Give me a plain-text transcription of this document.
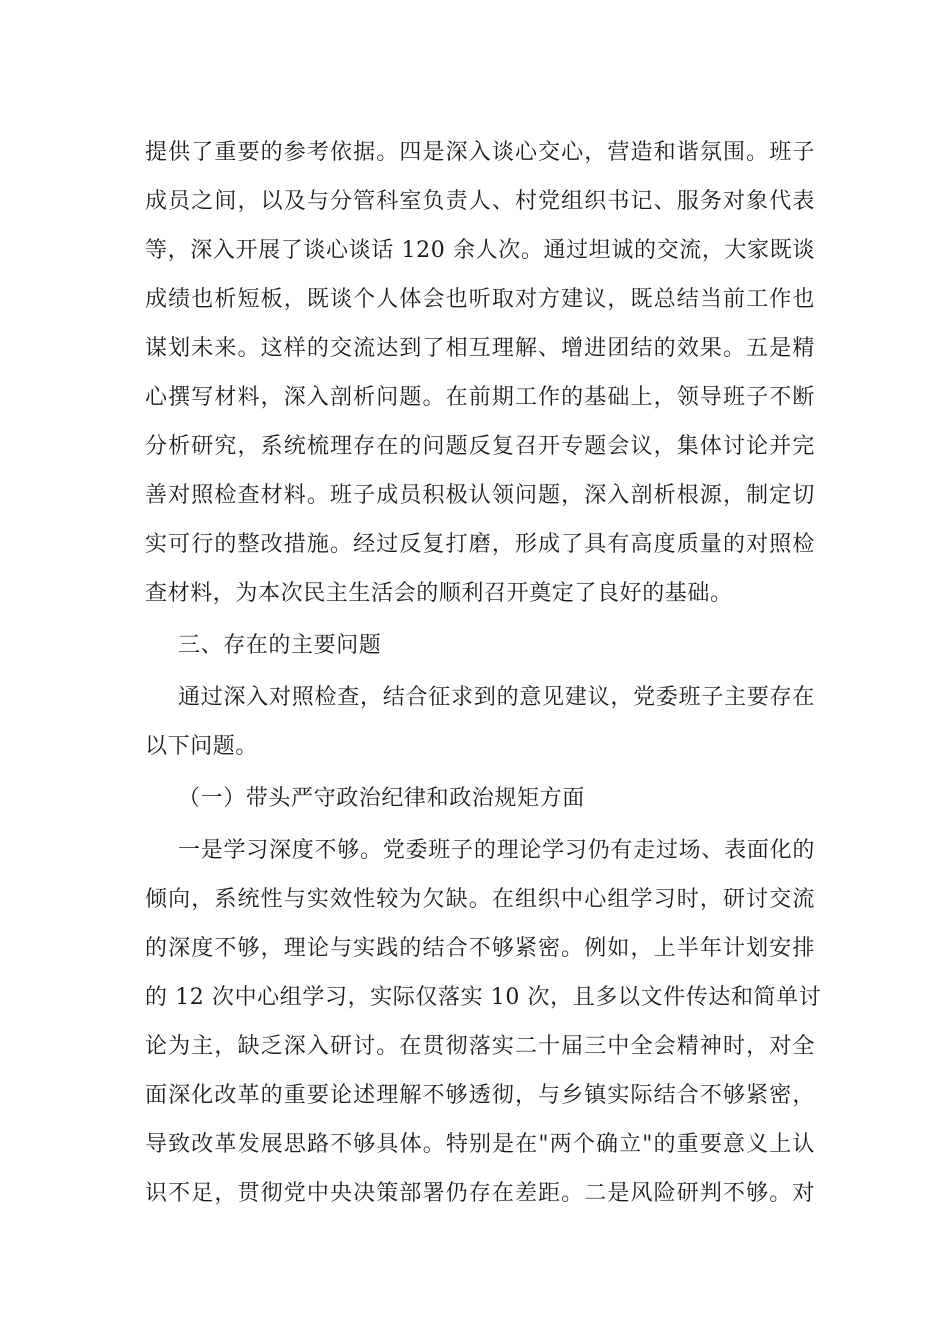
提供了重要的参考依据。四是深入谈心交心，营造和谐氛围。班子
成员之间，以及与分管科室负责人、村党组织书记、服务对象代表
等，深入开展了谈心谈话 120 余人次。通过坦诚的交流，大家既谈
成绩也析短板，既谈个人体会也听取对方建议，既总结当前工作也
谋划未来。这样的交流达到了相互理解、增进团结的效果。五是精
心撰写材料，深入剖析问题。在前期工作的基础上，领导班子不断
分析研究，系统梳理存在的问题反复召开专题会议，集体讨论并完
善对照检查材料。班子成员积极认领问题，深入剖析根源，制定切
实可行的整改措施。经过反复打磨，形成了具有高度质量的对照检
查材料，为本次民主生活会的顺利召开奠定了良好的基础。
三、存在的主要问题
通过深入对照检查，结合征求到的意见建议，党委班子主要存在
以下问题。
（一）带头严守政治纪律和政治规矩方面
一是学习深度不够。党委班子的理论学习仍有走过场、表面化的
倾向，系统性与实效性较为欠缺。在组织中心组学习时，研讨交流
的深度不够，理论与实践的结合不够紧密。例如，上半年计划安排
的 12 次中心组学习，实际仅落实 10 次，且多以文件传达和简单讨
论为主，缺乏深入研讨。在贯彻落实二十届三中全会精神时，对全
面深化改革的重要论述理解不够透彻，与乡镇实际结合不够紧密，
导致改革发展思路不够具体。特别是在"两个确立"的重要意义上认
识不足，贯彻党中央决策部署仍存在差距。二是风险研判不够。对
